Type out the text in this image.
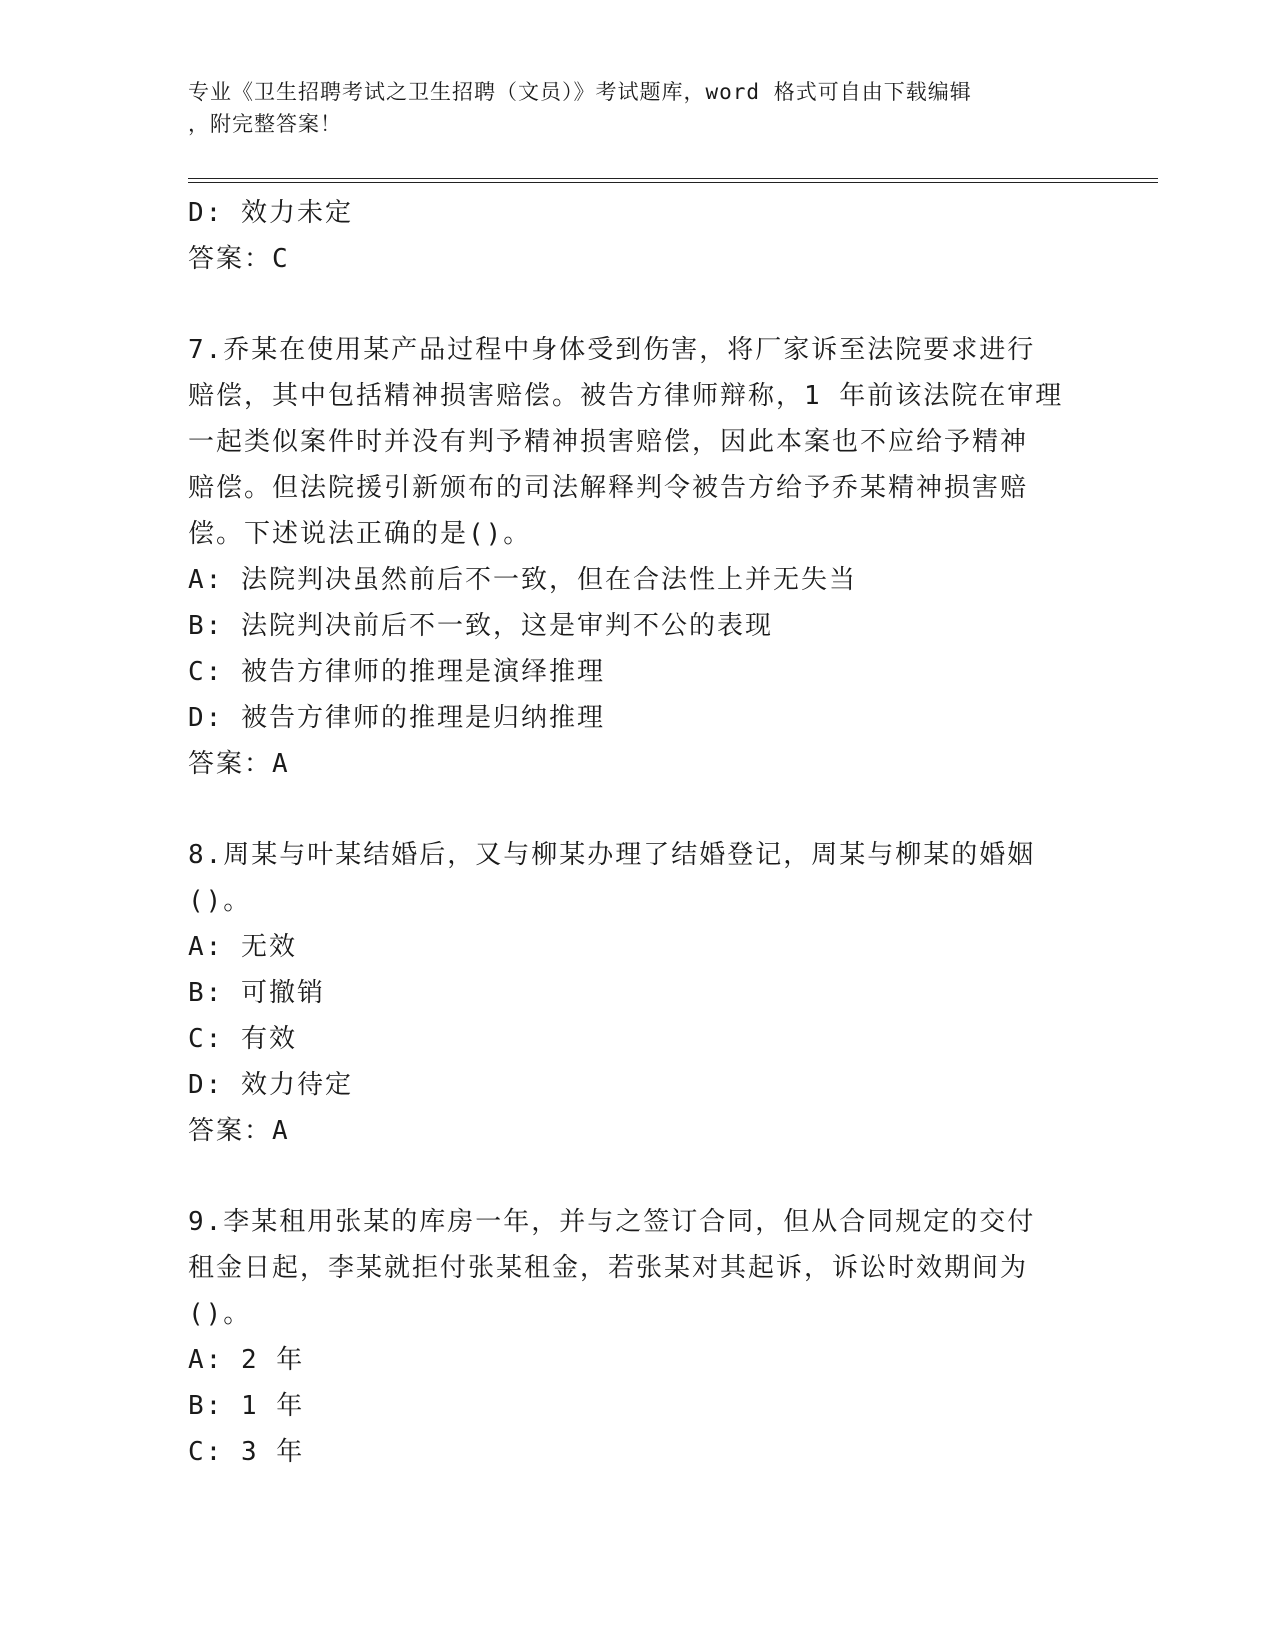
专业《卫生招聘考试之卫生招聘（文员）》考试题库，word 格式可自由下载编辑
，附完整答案！
D: 效力未定
答案：C
7.乔某在使用某产品过程中身体受到伤害，将厂家诉至法院要求进行
赔偿，其中包括精神损害赔偿。被告方律师辩称，1 年前该法院在审理
一起类似案件时并没有判予精神损害赔偿，因此本案也不应给予精神
赔偿。但法院援引新颁布的司法解释判令被告方给予乔某精神损害赔
偿。下述说法正确的是()。
A: 法院判决虽然前后不一致，但在合法性上并无失当
B: 法院判决前后不一致，这是审判不公的表现
C: 被告方律师的推理是演绎推理
D: 被告方律师的推理是归纳推理
答案：A
8.周某与叶某结婚后，又与柳某办理了结婚登记，周某与柳某的婚姻
()。
A: 无效
B: 可撤销
C: 有效
D: 效力待定
答案：A
9.李某租用张某的库房一年，并与之签订合同，但从合同规定的交付
租金日起，李某就拒付张某租金，若张某对其起诉，诉讼时效期间为
()。
A: 2 年
B: 1 年
C: 3 年
